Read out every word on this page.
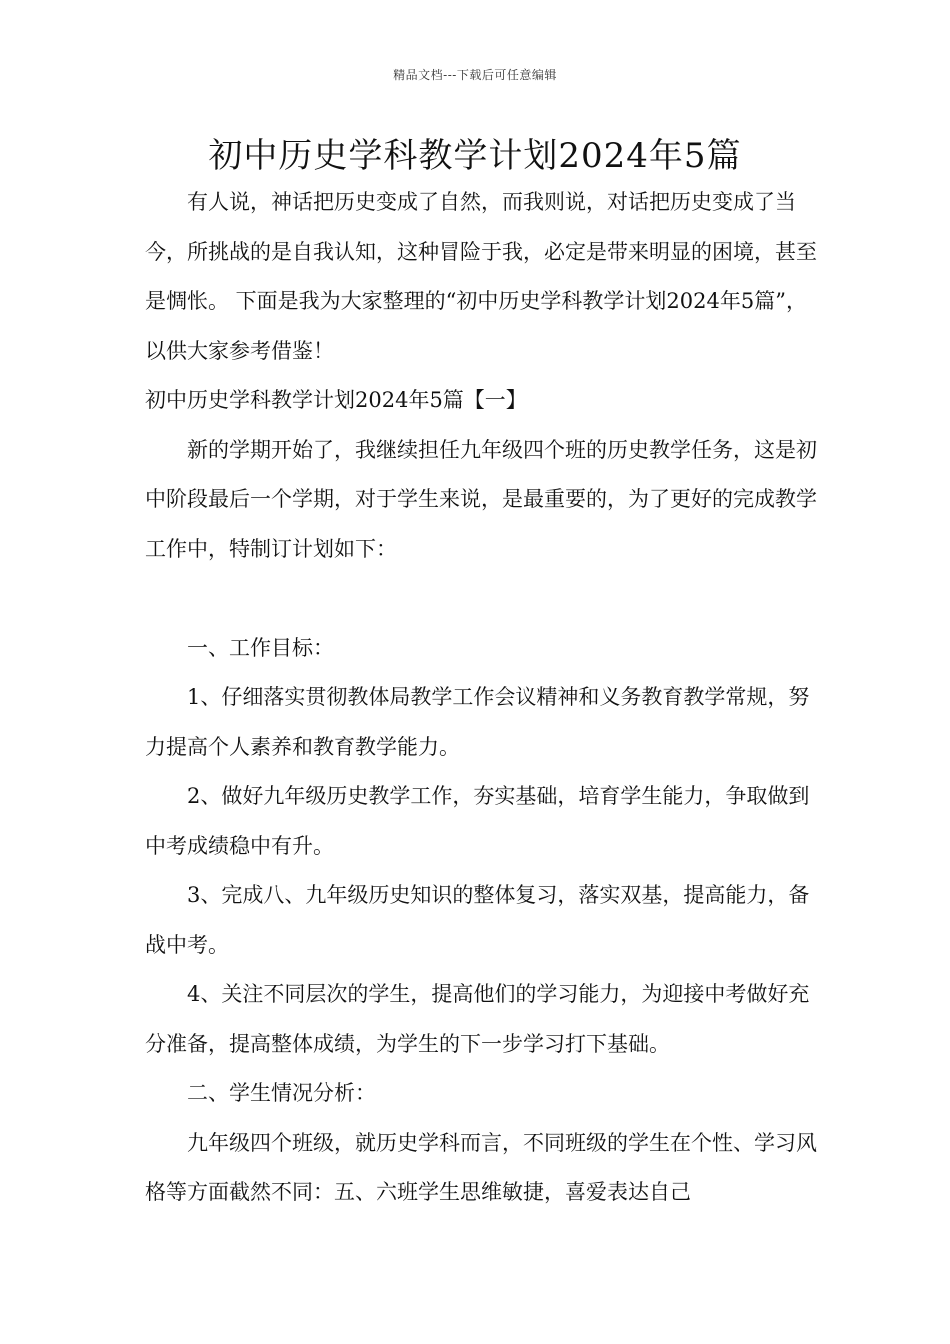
精品文档---下载后可任意编辑
初中历史学科教学计划2024年5篇

有人说，神话把历史变成了自然，而我则说，对话把历史变成了当今，所挑战的是自我认知，这种冒险于我，必定是带来明显的困境，甚至是惆怅。 下面是我为大家整理的“初中历史学科教学计划2024年5篇”，以供大家参考借鉴！

初中历史学科教学计划2024年5篇【一】

新的学期开始了，我继续担任九年级四个班的历史教学任务，这是初中阶段最后一个学期，对于学生来说，是最重要的，为了更好的完成教学工作中，特制订计划如下：

一、工作目标：

1、仔细落实贯彻教体局教学工作会议精神和义务教育教学常规，努力提高个人素养和教育教学能力。

2、做好九年级历史教学工作，夯实基础，培育学生能力，争取做到中考成绩稳中有升。

3、完成八、九年级历史知识的整体复习，落实双基，提高能力，备战中考。

4、关注不同层次的学生，提高他们的学习能力，为迎接中考做好充分准备，提高整体成绩，为学生的下一步学习打下基础。

二、学生情况分析：

九年级四个班级，就历史学科而言，不同班级的学生在个性、学习风格等方面截然不同：五、六班学生思维敏捷，喜爱表达自己
